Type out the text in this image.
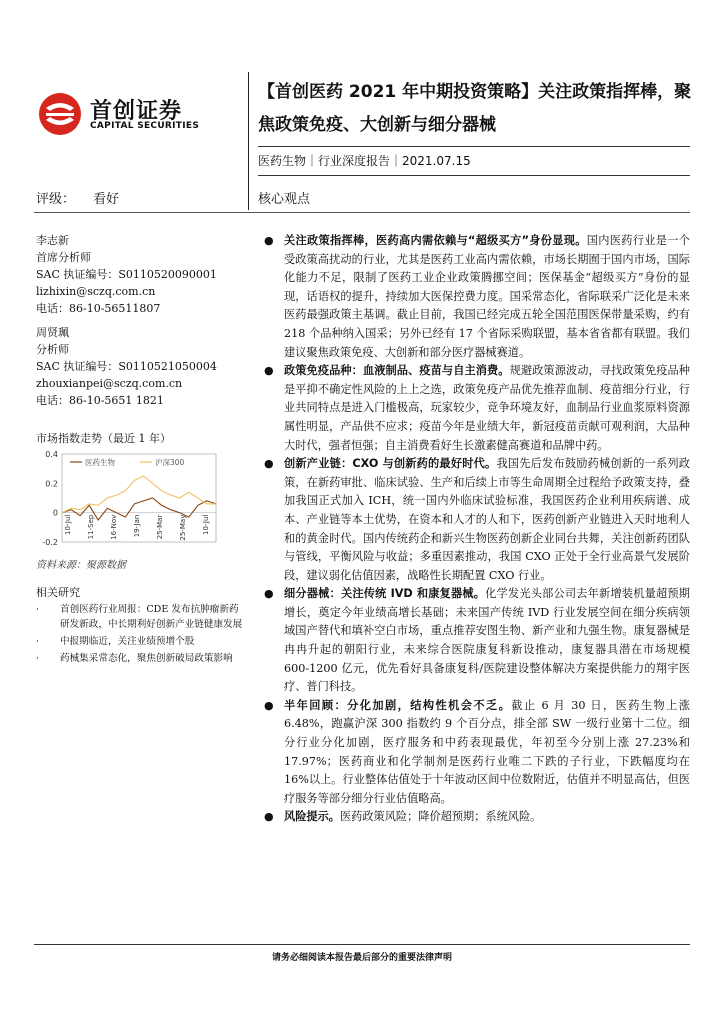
首创证券
CAPITAL SECURITIES
【首创医药 2021 年中期投资策略】关注政策指挥棒，聚焦政策免疫、大创新与细分器械
医药生物｜行业深度报告｜2021.07.15
评级： 看好	核心观点
李志新
首席分析师
SAC 执证编号：S0110520090001
lizhixin@sczq.com.cn
电话：86-10-56511807
周贤珮
分析师
SAC 执证编号：S0110521050004
zhouxianpei@sczq.com.cn
电话：86-10-5651 1821
市场指数走势（最近 1 年）
0.4
0.2
0
-0.2
10-Jul 11-Sep 16-Nov 19-Jan 25-Mar 25-May 10-Jul
医药生物	沪深300
资料来源：聚源数据
相关研究
· 首创医药行业周报：CDE 发布抗肿瘤新药研发新政，中长期利好创新产业链健康发展
· 中报期临近，关注业绩预增个股
· 药械集采常态化，聚焦创新破局政策影响
● 关注政策指挥棒，医药高内需依赖与“超级买方”身份显现。国内医药行业是一个受政策高扰动的行业，尤其是医药工业高内需依赖，市场长期囿于国内市场，国际化能力不足，限制了医药工业企业政策腾挪空间；医保基金“超级买方”身份的显现，话语权的提升，持续加大医保控费力度。国采常态化，省际联采广泛化是未来医药最强政策主基调。截止目前，我国已经完成五轮全国范围医保带量采购，约有 218 个品种纳入国采；另外已经有 17 个省际采购联盟，基本省省都有联盟。我们建议聚焦政策免疫、大创新和部分医疗器械赛道。
● 政策免疫品种：血液制品、疫苗与自主消费。规避政策源波动，寻找政策免疫品种是平抑不确定性风险的上上之选，政策免疫产品优先推荐血制、疫苗细分行业，行业共同特点是进入门槛极高，玩家较少，竞争环境友好，血制品行业血浆原料资源属性明显，产品供不应求；疫苗今年是业绩大年，新冠疫苗贡献可观利润，大品种大时代，强者恒强；自主消费看好生长激素健高赛道和品牌中药。
● 创新产业链：CXO 与创新药的最好时代。我国先后发布鼓励药械创新的一系列政策，在新药审批、临床试验、生产和后续上市等生命周期全过程给予政策支持，叠加我国正式加入 ICH，统一国内外临床试验标准，我国医药企业利用疾病谱、成本、产业链等本土优势，在资本和人才的人和下，医药创新产业链进入天时地利人和的黄金时代。国内传统药企和新兴生物医药创新企业同台共舞，关注创新药团队与管线，平衡风险与收益；多重因素推动，我国 CXO 正处于全行业高景气发展阶段，建议弱化估值因素，战略性长期配置 CXO 行业。
● 细分器械：关注传统 IVD 和康复器械。化学发光头部公司去年新增装机量超预期增长，奠定今年业绩高增长基础；未来国产传统 IVD 行业发展空间在细分疾病领域国产替代和填补空白市场，重点推荐安图生物、新产业和九强生物。康复器械是冉冉升起的朝阳行业，未来综合医院康复科新设推动，康复器具潜在市场规模 600-1200 亿元，优先看好具备康复科/医院建设整体解决方案提供能力的翔宇医疗、普门科技。
● 半年回顾：分化加剧，结构性机会不乏。截止 6 月 30 日，医药生物上涨 6.48%，跑赢沪深 300 指数约 9 个百分点，排全部 SW 一级行业第十二位。细分行业分化加剧，医疗服务和中药表现最优，年初至今分别上涨 27.23%和 17.97%；医药商业和化学制剂是医药行业唯二下跌的子行业，下跌幅度均在 16%以上。行业整体估值处于十年波动区间中位数附近，估值并不明显高估，但医疗服务等部分细分行业估值略高。
● 风险提示。医药政策风险；降价超预期；系统风险。
请务必细阅读本报告最后部分的重要法律声明
